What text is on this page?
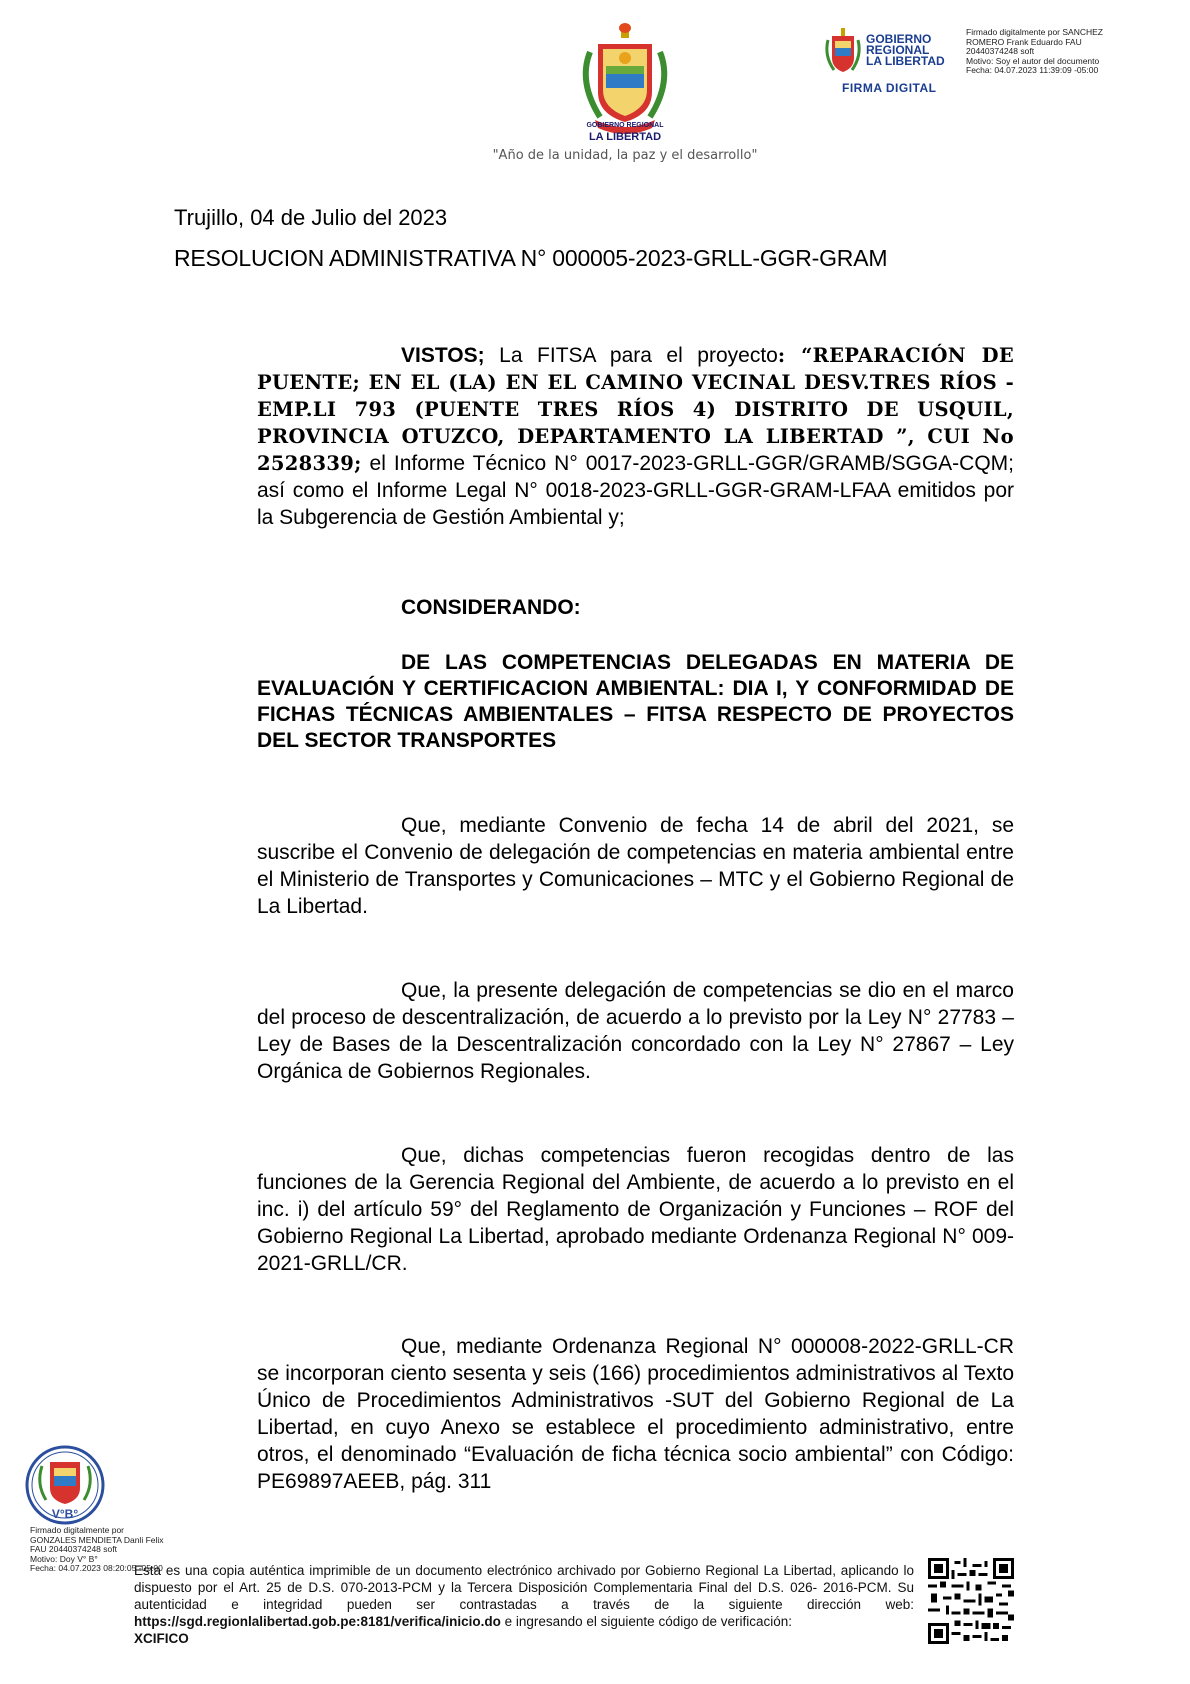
GOBIERNO REGIONAL
LA LIBERTAD
"Año de la unidad, la paz y el desarrollo"
GOBIERNO
REGIONAL
LA LIBERTAD
FIRMA DIGITAL
Firmado digitalmente por SANCHEZ
ROMERO Frank Eduardo FAU
20440374248 soft
Motivo: Soy el autor del documento
Fecha: 04.07.2023 11:39:09 -05:00
Trujillo, 04 de Julio del 2023
RESOLUCION ADMINISTRATIVA N° 000005-2023-GRLL-GGR-GRAM
VISTOS; La FITSA para el proyecto: “REPARACIÓN DE PUENTE; EN EL (LA) EN EL CAMINO VECINAL DESV.TRES RÍOS -EMP.LI 793 (PUENTE TRES RÍOS 4) DISTRITO DE USQUIL, PROVINCIA OTUZCO, DEPARTAMENTO LA LIBERTAD ”, CUI No 2528339; el Informe Técnico N° 0017-2023-GRLL-GGR/GRAMB/SGGA-CQM; así como el Informe Legal N° 0018-2023-GRLL-GGR-GRAM-LFAA emitidos por la Subgerencia de Gestión Ambiental y;
CONSIDERANDO:
DE LAS COMPETENCIAS DELEGADAS EN MATERIA DE EVALUACIÓN Y CERTIFICACION AMBIENTAL: DIA I, Y CONFORMIDAD DE FICHAS TÉCNICAS AMBIENTALES – FITSA RESPECTO DE PROYECTOS DEL SECTOR TRANSPORTES
Que, mediante Convenio de fecha 14 de abril del 2021, se suscribe el Convenio de delegación de competencias en materia ambiental entre el Ministerio de Transportes y Comunicaciones – MTC y el Gobierno Regional de La Libertad.
Que, la presente delegación de competencias se dio en el marco del proceso de descentralización, de acuerdo a lo previsto por la Ley N° 27783 – Ley de Bases de la Descentralización concordado con la Ley N° 27867 – Ley Orgánica de Gobiernos Regionales.
Que, dichas competencias fueron recogidas dentro de las funciones de la Gerencia Regional del Ambiente, de acuerdo a lo previsto en el inc. i) del artículo 59° del Reglamento de Organización y Funciones – ROF del Gobierno Regional La Libertad, aprobado mediante Ordenanza Regional N° 009-2021-GRLL/CR.
Que, mediante Ordenanza Regional N° 000008-2022-GRLL-CR se incorporan ciento sesenta y seis (166) procedimientos administrativos al Texto Único de Procedimientos Administrativos -SUT del Gobierno Regional de La Libertad, en cuyo Anexo se establece el procedimiento administrativo, entre otros, el denominado “Evaluación de ficha técnica socio ambiental” con Código: PE69897AEEB, pág. 311
V°B°
Firmado digitalmente por
GONZALES MENDIETA Danli Felix
FAU 20440374248 soft
Motivo: Doy V° B°
Fecha: 04.07.2023 08:20:05 -05:00
Esta es una copia auténtica imprimible de un documento electrónico archivado por Gobierno Regional La Libertad, aplicando lo dispuesto por el Art. 25 de D.S. 070-2013-PCM y la Tercera Disposición Complementaria Final del D.S. 026- 2016-PCM. Su autenticidad e integridad pueden ser contrastadas a través de la siguiente dirección web: https://sgd.regionlalibertad.gob.pe:8181/verifica/inicio.do e ingresando el siguiente código de verificación:
XCIFICO
